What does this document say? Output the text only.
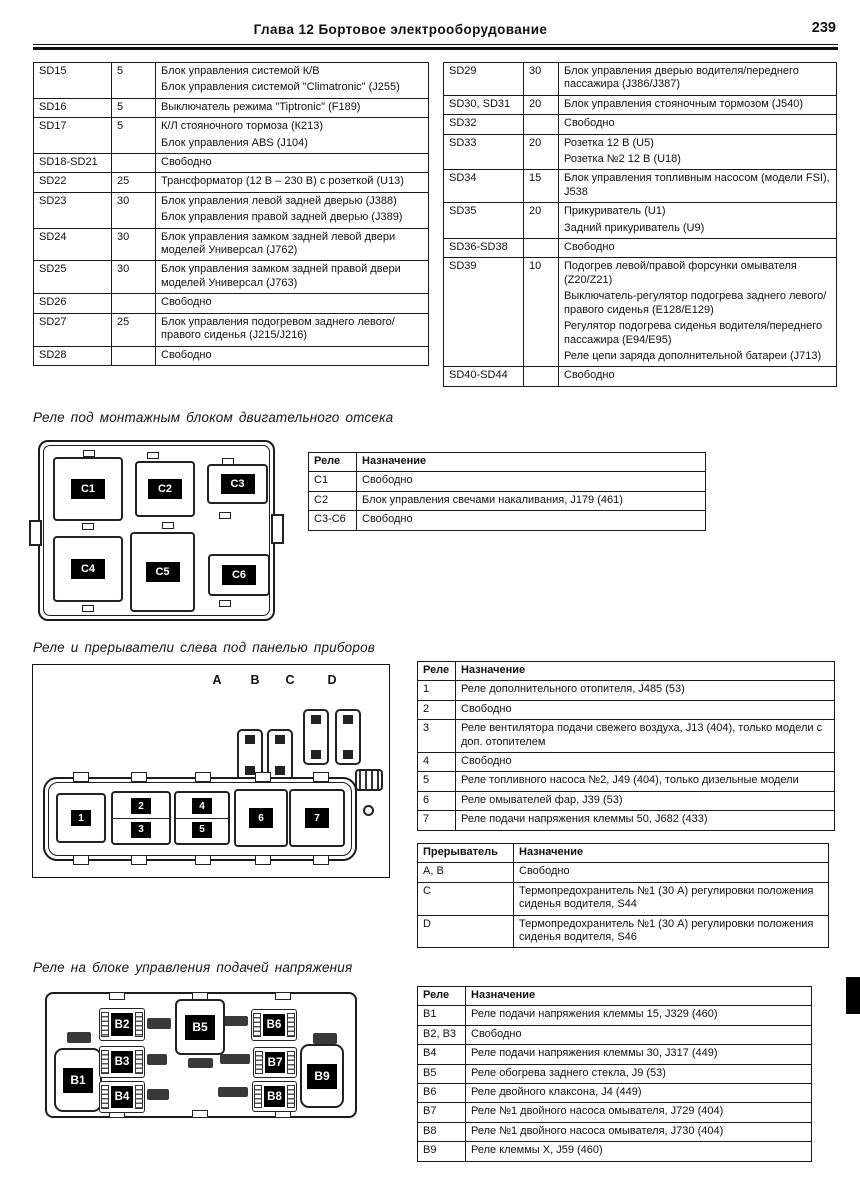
Глава 12 Бортовое электрооборудование	239
SD15	5	Блок управления системой К/В
Блок управления системой "Climatronic" (J255)

SD16	5	Выключатель режима "Tiptronic" (F189)

SD17	5	К/Л стояночного тормоза (К213)
Блок управления ABS (J104)

SD18-SD21		Свободно

SD22	25	Трансформатор (12 В – 230 В) с розеткой (U13)

SD23	30	Блок управления левой задней дверью (J388)
Блок управления правой задней дверью (J389)

SD24	30	Блок управления замком задней левой двери моделей Универсал (J762)

SD25	30	Блок управления замком задней правой двери моделей Универсал (J763)

SD26		Свободно

SD27	25	Блок управления подогревом заднего левого/правого сиденья (J215/J216)

SD28		Свободно
SD29	30	Блок управления дверью водителя/переднего пассажира (J386/J387)

SD30, SD31	20	Блок управления стояночным тормозом (J540)

SD32		Свободно

SD33	20	Розетка 12 В (U5)
Розетка №2 12 В (U18)

SD34	15	Блок управления топливным насосом (модели FSI), J538

SD35	20	Прикуриватель (U1)
Задний прикуриватель (U9)

SD36-SD38		Свободно

SD39	10	Подогрев левой/правой форсунки омывателя (Z20/Z21)
Выключатель-регулятор подогрева заднего левого/правого сиденья (E128/E129)
Регулятор подогрева сиденья водителя/переднего пассажира (E94/E95)
Реле цепи заряда дополнительной батареи (J713)

SD40-SD44		Свободно
Реле под монтажным блоком двигательного отсека
C1	C2	C3
C4	C5	C6
Реле	Назначение
C1	Свободно
C2	Блок управления свечами накаливания, J179 (461)
C3-C6	Свободно
Реле и прерыватели слева под панелью приборов
A B C	D
1
2
3
4
5
6	7
Реле	Назначение
1	Реле дополнительного отопителя, J485 (53)
2	Свободно
3	Реле вентилятора подачи свежего воздуха, J13 (404), только модели с доп. отопителем
4	Свободно
5	Реле топливного насоса №2, J49 (404), только дизельные модели
6	Реле омывателей фар, J39 (53)
7	Реле подачи напряжения клеммы 50, J682 (433)
Прерыватель	Назначение
A, B	Свободно
C	Термопредохранитель №1 (30 А) регулировки положения сиденья водителя, S44
D	Термопредохранитель №1 (30 А) регулировки положения сиденья водителя, S46
Реле на блоке управления подачей напряжения
B1
B2
B3
B4
B5	B6
B7
B8
B9
Реле	Назначение
B1	Реле подачи напряжения клеммы 15, J329 (460)
B2, B3	Свободно
B4	Реле подачи напряжения клеммы 30, J317 (449)
B5	Реле обогрева заднего стекла, J9 (53)
B6	Реле двойного клаксона, J4 (449)
B7	Реле №1 двойного насоса омывателя, J729 (404)
B8	Реле №1 двойного насоса омывателя, J730 (404)
B9	Реле клеммы X, J59 (460)
